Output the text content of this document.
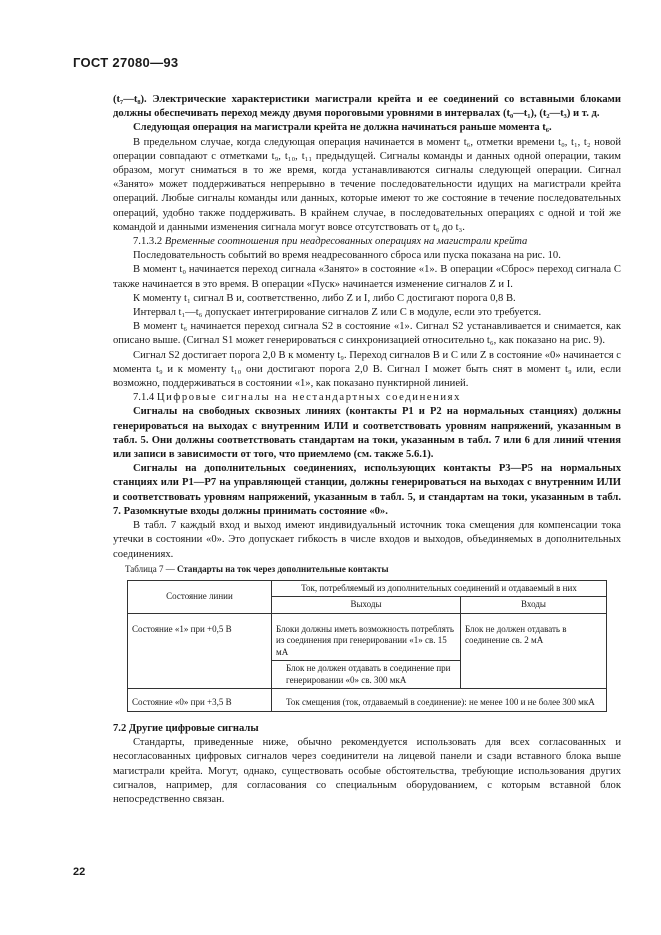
ГОСТ 27080—93

(t₇—t₈). Электрические характеристики магистрали крейта и ее соединений со вставными блоками должны обеспечивать переход между двумя пороговыми уровнями в интервалах (t₀—t₁), (t₂—t₃) и т. д.

Следующая операция на магистрали крейта не должна начинаться раньше момента t₆.

В предельном случае, когда следующая операция начинается в момент t₆, отметки времени t₀, t₁, t₂ новой операции совпадают с отметками t₉, t₁₀, t₁₁ предыдущей. Сигналы команды и данных одной операции, таким образом, могут сниматься в то же время, когда устанавливаются сигналы следующей операции. Сигнал «Занято» может поддерживаться непрерывно в течение последовательности идущих на магистрали крейта операций. Любые сигналы команды или данных, которые имеют то же состояние в течение последовательных операций, удобно также поддерживать. В крайнем случае, в последовательных операциях с одной и той же командой и данными изменения сигнала могут вовсе отсутствовать от t₆ до t₃.

7.1.3.2 Временные соотношения при неадресованных операциях на магистрали крейта

Последовательность событий во время неадресованного сброса или пуска показана на рис. 10.

В момент t₀ начинается переход сигнала «Занято» в состояние «1». В операции «Сброс» переход сигнала С также начинается в это время. В операции «Пуск» начинается изменение сигналов Z и I.

К моменту t₁ сигнал В и, соответственно, либо Z и I, либо С достигают порога 0,8 В.

Интервал t₁—t₆ допускает интегрирование сигналов Z или С в модуле, если это требуется.

В момент t₆ начинается переход сигнала S2 в состояние «1». Сигнал S2 устанавливается и снимается, как описано выше. (Сигнал S1 может генерироваться с синхронизацией относительно t₆, как показано на рис. 9).

Сигнал S2 достигает порога 2,0 В к моменту t₉. Переход сигналов В и С или Z в состояние «0» начинается с момента t₉ и к моменту t₁₀ они достигают порога 2,0 В. Сигнал I может быть снят в момент t₉ или, если возможно, поддерживаться в состоянии «1», как показано пунктирной линией.

7.1.4 Цифровые сигналы на нестандартных соединениях

Сигналы на свободных сквозных линиях (контакты Р1 и Р2 на нормальных станциях) должны генерироваться на выходах с внутренним ИЛИ и соответствовать уровням напряжений, указанным в табл. 5. Они должны соответствовать стандартам на токи, указанным в табл. 7 или 6 для линий чтения или записи в зависимости от того, что приемлемо (см. также 5.6.1).

Сигналы на дополнительных соединениях, использующих контакты Р3—Р5 на нормальных станциях или Р1—Р7 на управляющей станции, должны генерироваться на выходах с внутренним ИЛИ и соответствовать уровням напряжений, указанным в табл. 5, и стандартам на токи, указанным в табл. 7. Разомкнутые входы должны принимать состояние «0».

В табл. 7 каждый вход и выход имеют индивидуальный источник тока смещения для компенсации тока утечки в состоянии «0». Это допускает гибкость в числе входов и выходов, объединяемых в дополнительных соединениях.

Таблица 7 — Стандарты на ток через дополнительные контакты

Состояние линии	Ток, потребляемый из дополнительных соединений и отдаваемый в них	
	Выходы	Входы
Состояние «1» при +0,5 В	Блоки должны иметь возможность потреблять из соединения при генерировании «1» св. 15 мА	Блок не должен отдавать в соединение св. 2 мА
	Блок не должен отдавать в соединение при генерировании «0» св. 300 мкА	
Состояние «0» при +3,5 В	Ток смещения (ток, отдаваемый в соединение): не менее 100 и не более 300 мкА	

7.2 Другие цифровые сигналы

Стандарты, приведенные ниже, обычно рекомендуется использовать для всех согласованных и несогласованных цифровых сигналов через соединители на лицевой панели и сзади вставного блока выше магистрали крейта. Могут, однако, существовать особые обстоятельства, требующие использования других сигналов, например, для согласования со специальным оборудованием, с которым вставной блок непосредственно связан.

22
